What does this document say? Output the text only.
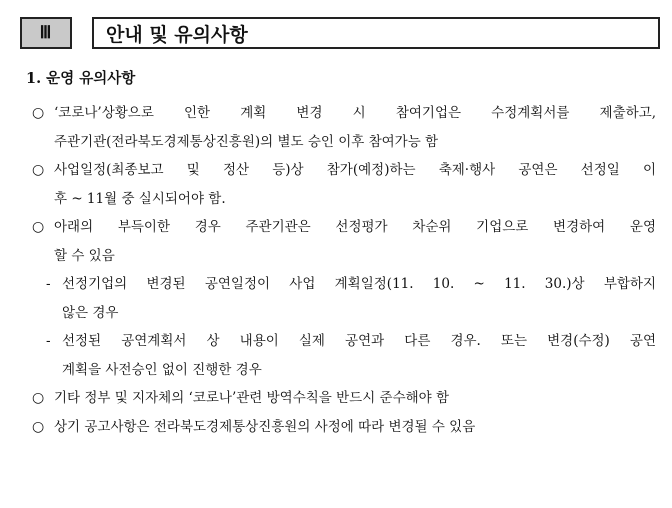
Ⅲ	안내 및 유의사항
1. 운영 유의사항
○ ‘코로나’상황으로 인한 계획 변경 시 참여기업은 수정계획서를 제출하고,
주관기관(전라북도경제통상진흥원)의 별도 승인 이후 참여가능 함
○ 사업일정(최종보고 및 정산 등)상 참가(예정)하는 축제·행사 공연은 선정일 이
후 ~ 11월 중 실시되어야 함.
○ 아래의 부득이한 경우 주관기관은 선정평가 차순위 기업으로 변경하여 운영
할 수 있음
- 선정기업의 변경된 공연일정이 사업 계획일정(11. 10. ~ 11. 30.)상 부합하지
않은 경우
- 선정된 공연계획서 상 내용이 실제 공연과 다른 경우. 또는 변경(수정) 공연
계획을 사전승인 없이 진행한 경우
○ 기타 정부 및 지자체의 ‘코로나’관련 방역수칙을 반드시 준수해야 함
○ 상기 공고사항은 전라북도경제통상진흥원의 사정에 따라 변경될 수 있음
